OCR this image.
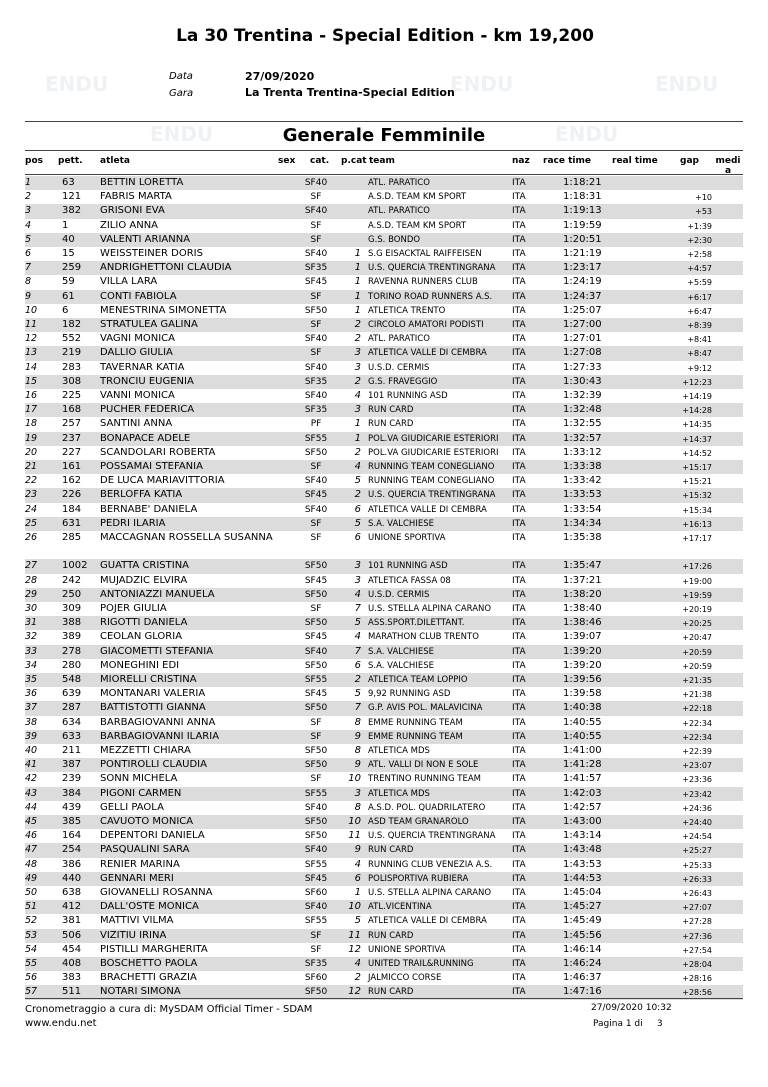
ENDU	ENDU	ENDU
ENDU	ENDU
La 30 Trentina - Special Edition - km 19,200
Data	27/09/2020
Gara	La Trenta Trentina-Special Edition
Generale Femminile
pos pett. atleta	sex cat. p.cat team	naz race time real time gap medi a
1	63	BETTIN LORETTA	SF40	ATL. PARATICO	ITA	1:18:21
2	121 FABRIS MARTA	SF	A.S.D. TEAM KM SPORT	ITA	1:18:31	+10
3	382 GRISONI EVA	SF40	ATL. PARATICO	ITA	1:19:13	+53
4	1	ZILIO ANNA	SF	A.S.D. TEAM KM SPORT	ITA	1:19:59	+1:39
5	40	VALENTI ARIANNA	SF	G.S. BONDO	ITA	1:20:51	+2:30
6	15	WEISSTEINER DORIS	SF40	1 S.G EISACKTAL RAIFFEISEN	ITA	1:21:19	+2:58
7	259 ANDRIGHETTONI CLAUDIA	SF35	1 U.S. QUERCIA TRENTINGRANA ITA	1:23:17	+4:57
8	59	VILLA LARA	SF45	1 RAVENNA RUNNERS CLUB	ITA	1:24:19	+5:59
9	61	CONTI FABIOLA	SF	1 TORINO ROAD RUNNERS A.S. ITA	1:24:37	+6:17
10 6	MENESTRINA SIMONETTA	SF50	1 ATLETICA TRENTO	ITA	1:25:07	+6:47
11 182 STRATULEA GALINA	SF	2 CIRCOLO AMATORI PODISTI	ITA	1:27:00	+8:39
12 552 VAGNI MONICA	SF40	2 ATL. PARATICO	ITA	1:27:01	+8:41
13 219 DALLIO GIULIA	SF	3 ATLETICA VALLE DI CEMBRA	ITA	1:27:08	+8:47
14 283 TAVERNAR KATIA	SF40	3 U.S.D. CERMIS	ITA	1:27:33	+9:12
15 308 TRONCIU EUGENIA	SF35	2 G.S. FRAVEGGIO	ITA	1:30:43	+12:23
16 225 VANNI MONICA	SF40	4 101 RUNNING ASD	ITA	1:32:39	+14:19
17 168 PUCHER FEDERICA	SF35	3 RUN CARD	ITA	1:32:48	+14:28
18 257 SANTINI ANNA	PF	1 RUN CARD	ITA	1:32:55	+14:35
19 237 BONAPACE ADELE	SF55	1 POL.VA GIUDICARIE ESTERIORI ITA	1:32:57	+14:37
20 227 SCANDOLARI ROBERTA	SF50	2 POL.VA GIUDICARIE ESTERIORI ITA	1:33:12	+14:52
21 161 POSSAMAI STEFANIA	SF	4 RUNNING TEAM CONEGLIANO ITA	1:33:38	+15:17
22 162 DE LUCA MARIAVITTORIA	SF40	5 RUNNING TEAM CONEGLIANO ITA	1:33:42	+15:21
23 226 BERLOFFA KATIA	SF45	2 U.S. QUERCIA TRENTINGRANA ITA	1:33:53	+15:32
24 184 BERNABE' DANIELA	SF40	6 ATLETICA VALLE DI CEMBRA	ITA	1:33:54	+15:34
25 631 PEDRI ILARIA	SF	5 S.A. VALCHIESE	ITA	1:34:34	+16:13
26 285 MACCAGNAN ROSSELLA SUSANNA	SF	6 UNIONE SPORTIVA	ITA	1:35:38	+17:17
27 1002 GUATTA CRISTINA	SF50	3 101 RUNNING ASD	ITA	1:35:47	+17:26
28 242 MUJADZIC ELVIRA	SF45	3 ATLETICA FASSA 08	ITA	1:37:21	+19:00
29 250 ANTONIAZZI MANUELA	SF50	4 U.S.D. CERMIS	ITA	1:38:20	+19:59
30 309 POJER GIULIA	SF	7 U.S. STELLA ALPINA CARANO ITA	1:38:40	+20:19
31 388 RIGOTTI DANIELA	SF50	5 ASS.SPORT.DILETTANT.	ITA	1:38:46	+20:25
32 389 CEOLAN GLORIA	SF45	4 MARATHON CLUB TRENTO	ITA	1:39:07	+20:47
33 278 GIACOMETTI STEFANIA	SF40	7 S.A. VALCHIESE	ITA	1:39:20	+20:59
34 280 MONEGHINI EDI	SF50	6 S.A. VALCHIESE	ITA	1:39:20	+20:59
35 548 MIORELLI CRISTINA	SF55	2 ATLETICA TEAM LOPPIO	ITA	1:39:56	+21:35
36 639 MONTANARI VALERIA	SF45	5 9,92 RUNNING ASD	ITA	1:39:58	+21:38
37 287 BATTISTOTTI GIANNA	SF50	7 G.P. AVIS POL. MALAVICINA	ITA	1:40:38	+22:18
38 634 BARBAGIOVANNI ANNA	SF	8 EMME RUNNING TEAM	ITA	1:40:55	+22:34
39 633 BARBAGIOVANNI ILARIA	SF	9 EMME RUNNING TEAM	ITA	1:40:55	+22:34
40 211 MEZZETTI CHIARA	SF50	8 ATLETICA MDS	ITA	1:41:00	+22:39
41 387 PONTIROLLI CLAUDIA	SF50	9 ATL. VALLI DI NON E SOLE	ITA	1:41:28	+23:07
42 239 SONN MICHELA	SF	10 TRENTINO RUNNING TEAM	ITA	1:41:57	+23:36
43 384 PIGONI CARMEN	SF55	3 ATLETICA MDS	ITA	1:42:03	+23:42
44 439 GELLI PAOLA	SF40	8 A.S.D. POL. QUADRILATERO	ITA	1:42:57	+24:36
45 385 CAVUOTO MONICA	SF50	10 ASD TEAM GRANAROLO	ITA	1:43:00	+24:40
46 164 DEPENTORI DANIELA	SF50	11 U.S. QUERCIA TRENTINGRANA ITA	1:43:14	+24:54
47 254 PASQUALINI SARA	SF40	9 RUN CARD	ITA	1:43:48	+25:27
48 386 RENIER MARINA	SF55	4 RUNNING CLUB VENEZIA A.S. ITA	1:43:53	+25:33
49 440 GENNARI MERI	SF45	6 POLISPORTIVA RUBIERA	ITA	1:44:53	+26:33
50 638 GIOVANELLI ROSANNA	SF60	1 U.S. STELLA ALPINA CARANO ITA	1:45:04	+26:43
51 412 DALL'OSTE MONICA	SF40	10 ATL.VICENTINA	ITA	1:45:27	+27:07
52 381 MATTIVI VILMA	SF55	5 ATLETICA VALLE DI CEMBRA	ITA	1:45:49	+27:28
53 506 VIZITIU IRINA	SF	11 RUN CARD	ITA	1:45:56	+27:36
54 454 PISTILLI MARGHERITA	SF	12 UNIONE SPORTIVA	ITA	1:46:14	+27:54
55 408 BOSCHETTO PAOLA	SF35	4 UNITED TRAIL&RUNNING	ITA	1:46:24	+28:04
56 383 BRACHETTI GRAZIA	SF60	2 JALMICCO CORSE	ITA	1:46:37	+28:16
57 511 NOTARI SIMONA	SF50	12 RUN CARD	ITA	1:47:16	+28:56
Cronometraggio a cura di: MySDAM Official Timer - SDAM
www.endu.net
27/09/2020 10:32
Pagina 1 di     3
